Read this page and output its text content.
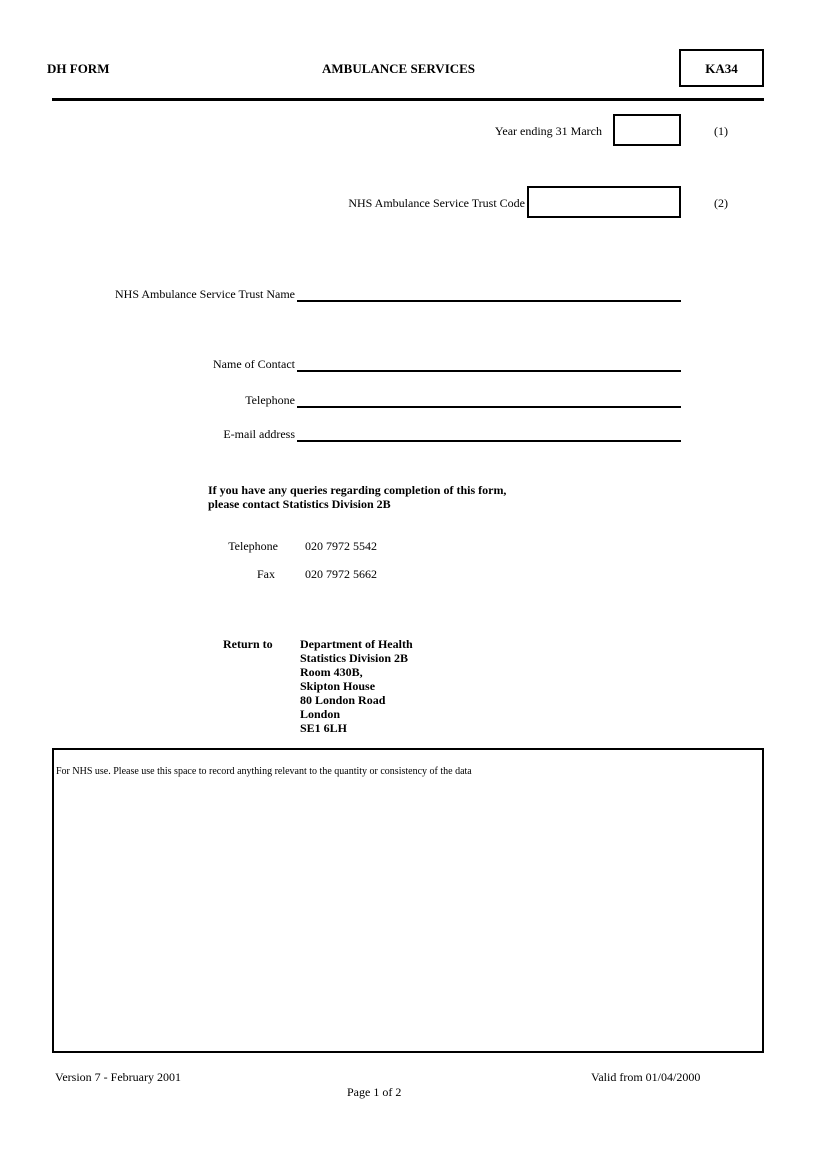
DH FORM	AMBULANCE SERVICES	KA34
Year ending 31 March	(1)
NHS Ambulance Service Trust Code	(2)
NHS Ambulance Service Trust Name
Name of Contact
Telephone
E-mail address
If you have any queries regarding completion of this form,
please contact Statistics Division 2B
Telephone 020 7972 5542
Fax	020 7972 5662
Return to Department of Health
Statistics Division 2B
Room 430B,
Skipton House
80 London Road
London
SE1 6LH
For NHS use. Please use this space to record anything relevant to the quantity or consistency of the data
Version 7 - February 2001	Valid from 01/04/2000
Page 1 of 2
